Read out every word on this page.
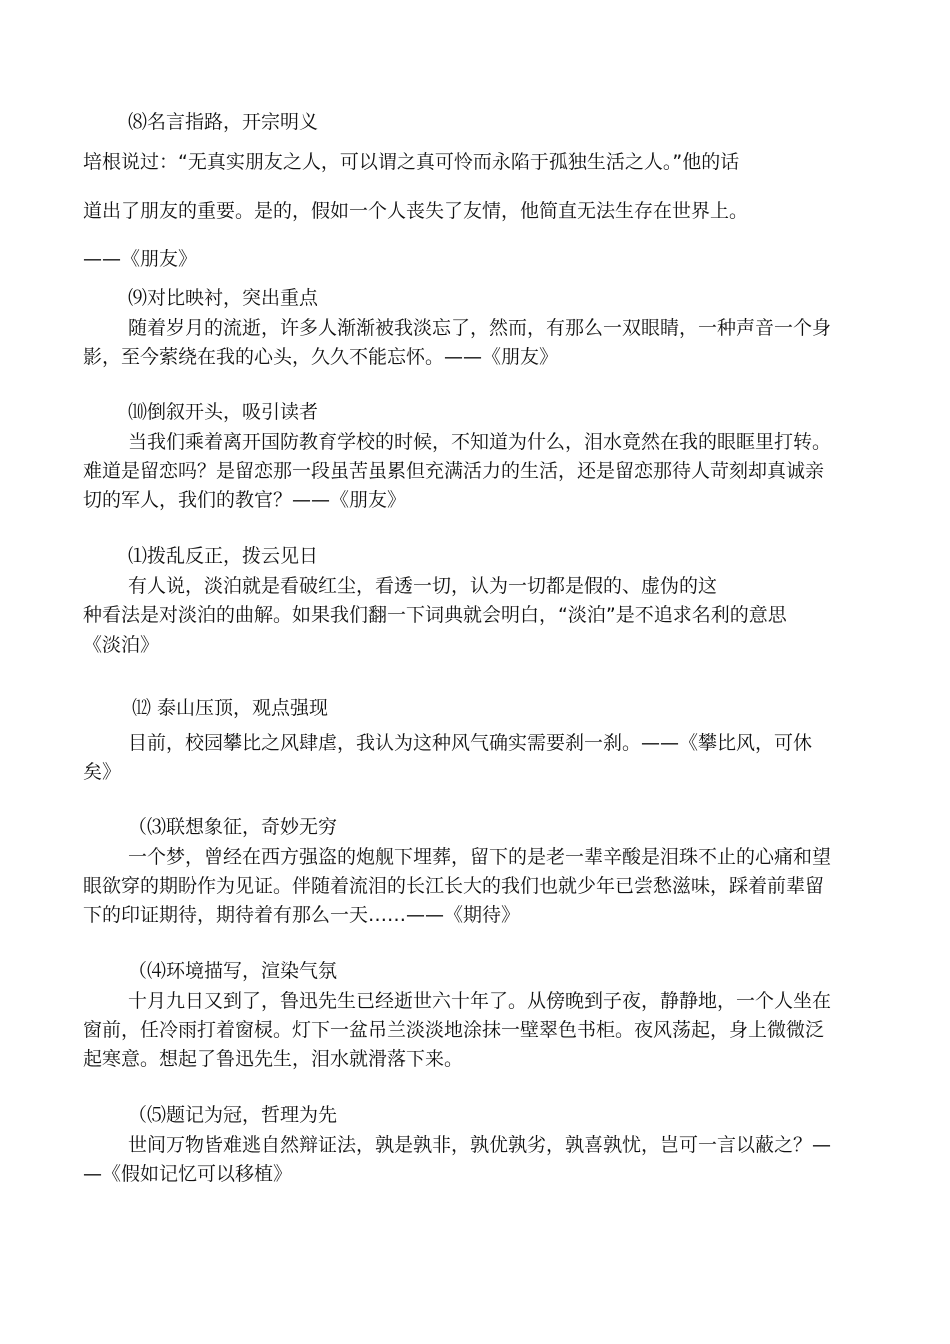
⑻名言指路，开宗明义

培根说过：“无真实朋友之人，可以谓之真可怜而永陷于孤独生活之人。”他的话

道出了朋友的重要。是的，假如一个人丧失了友情，他简直无法生存在世界上。

——《朋友》

⑼对比映衬，突出重点

随着岁月的流逝，许多人渐渐被我淡忘了，然而，有那么一双眼睛，一种声音一个身

影，至今萦绕在我的心头，久久不能忘怀。——《朋友》

⑽倒叙开头，吸引读者

当我们乘着离开国防教育学校的时候，不知道为什么，泪水竟然在我的眼眶里打转。

难道是留恋吗？是留恋那一段虽苦虽累但充满活力的生活，还是留恋那待人苛刻却真诚亲

切的军人，我们的教官？——《朋友》

⑴拨乱反正，拨云见日

有人说，淡泊就是看破红尘，看透一切，认为一切都是假的、虚伪的这

种看法是对淡泊的曲解。如果我们翻一下词典就会明白，“淡泊”是不追求名利的意思

《淡泊》

⑿ 泰山压顶，观点强现

目前，校园攀比之风肆虐，我认为这种风气确实需要刹一刹。——《攀比风，可休

矣》

（⑶联想象征，奇妙无穷

一个梦，曾经在西方强盗的炮舰下埋葬，留下的是老一辈辛酸是泪珠不止的心痛和望

眼欲穿的期盼作为见证。伴随着流泪的长江长大的我们也就少年已尝愁滋味，踩着前辈留

下的印证期待，期待着有那么一天……——《期待》

（⑷环境描写，渲染气氛

十月九日又到了，鲁迅先生已经逝世六十年了。从傍晚到子夜，静静地，一个人坐在

窗前，任冷雨打着窗棂。灯下一盆吊兰淡淡地涂抹一壁翠色书柜。夜风荡起，身上微微泛

起寒意。想起了鲁迅先生，泪水就滑落下来。

（⑸题记为冠，哲理为先

世间万物皆难逃自然辩证法，孰是孰非，孰优孰劣，孰喜孰忧，岂可一言以蔽之？—

—《假如记忆可以移植》
